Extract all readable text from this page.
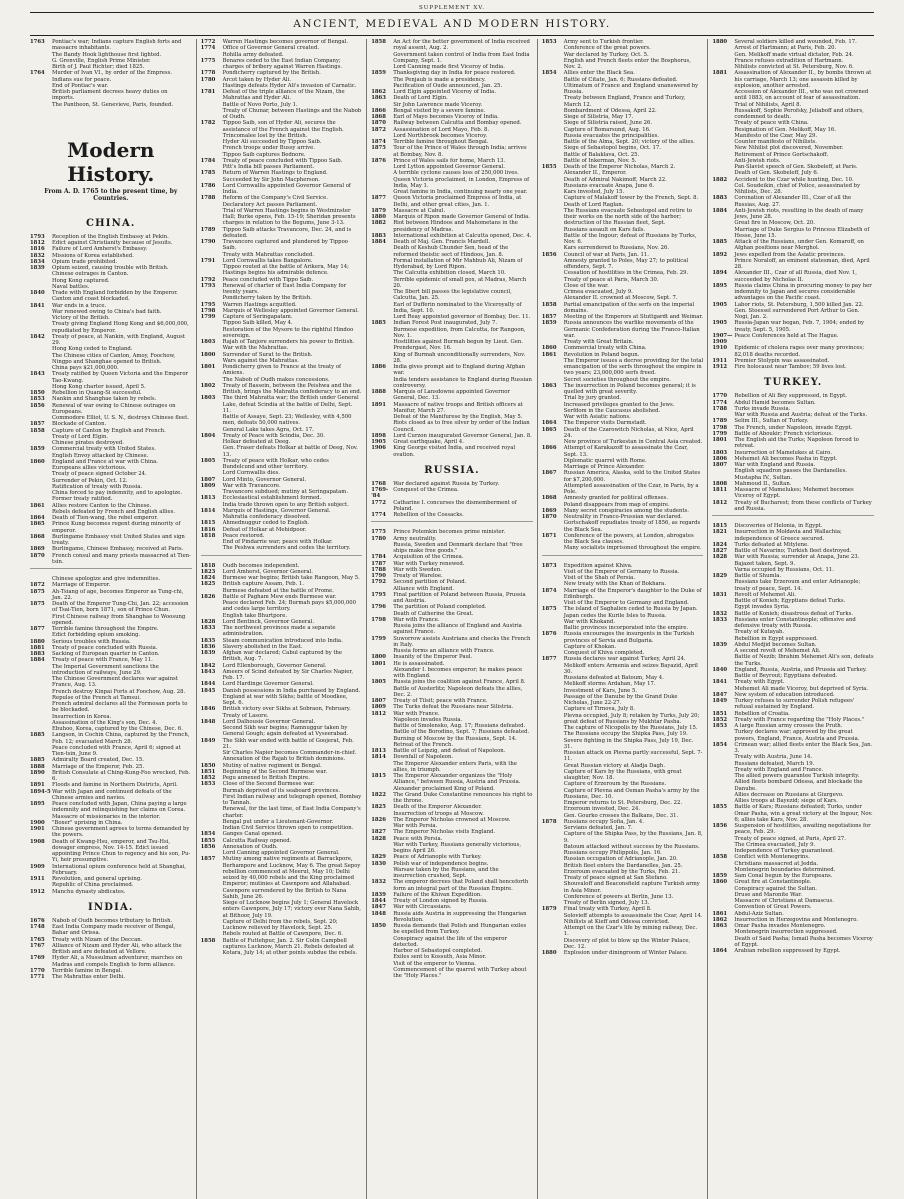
SUPPLEMENT XV.
ANCIENT, MEDIEVAL AND MODERN HISTORY.
1763	Pontiac's war; Indians capture English forts and massacre inhabitants.
The Bandy Hook lighthouse first lighted.
G. Grenville, English Prime Minister.
Birth of J. Paul Richter; died 1825.
1764	Murder of Ivan VI., by order of the Empress.
Indians sue for peace.
End of Pontiac's war.
British parliament decrees heavy duties on imports.
The Pantheon, St. Genevieve, Paris, founded.
Modern History.
From A. D. 1765 to the present time, by Countries.
CHINA.
1793	Reception of the English Embassy at Pekin.
1812	Edict against Christianity because of Jesuits.
1816	Failure of Lord Amherst's Embassy.
1832	Missions of Korea established.
1834	Opium trade prohibited.
1839	Opium seized, causing trouble with British.
Chinese outrages in Canton.
Hong Kong captured.
Naval battles.
1840	Trade with England forbidden by the Emperor.
Canton and coast blockaded.
1841	War ends in a truce.
War renewed owing to China's bad faith.
Victory of the British.
Treaty giving England Hong Kong and $6,000,000, repudiated by Emperor.
1842	Treaty of peace, at Nankin, with England, August 29.
Hong Kong ceded to England.
The Chinese cities of Canton, Amoy, Foochow, Ningpo and Shanghae opened to British.
China pays $21,000,000.
1843	Treaty ratified by Queen Victoria and the Emperor Tao-Kwang.
Hong Kong charter issued, April 5.
1850	Rebellion in Quang-Si successful.
1853	Nankin and Shanghae taken by rebels.
1856	Renewal of war owing to Chinese outrages on Europeans.
Commodore Elliot, U. S. N., destroys Chinese fleet.
1857	Blockade of Canton.
1858	Capture of Canton by English and French.
Treaty of Lord Elgin.
Chinese pirates destroyed.
1859	Commercial treaty with United States.
English Envoy attacked by Chinese.
1860	England and France at war with China.
Europeans allies victorious.
Treaty of peace signed October 24.
Surrender of Pekin, Oct. 12.
Ratification of treaty with Russia.
China forced to pay indemnity, and to apologize.
Former treaty ratified.
1861	Allies restore Canton to the Chinese.
Rebels defeated by French and English allies.
1864	Death of Tien-wang, the rebel emperor.
1865	Prince Kung becomes regent during minority of emperor.
1868	Burlingame Embassy visit United States and sign treaty.
1869	Burlingame, Chinese Embassy, received at Paris.
1870	French consul and many priests massacred at Tien-tsin.
Chinese apologize and give indemnities.
1872	Marriage of Emperor.
1875	Ah-Tsiang of age, becomes Emperor as Tung-chi, Jan. 22.
1875	Death of the Emperor Tung-Chi, Jan. 22; accession of Tsai-Tien, born 1871, son of Prince Chun.
First Chinese railway from Shanghae to Woosung opened.
1877	Terrible famine throughout the Empire.
Edict forbidding opium smoking.
1880	Serious troubles with Russia.
1881	Treaty of peace concluded with Russia.
1883	Sacking of European quarter in Canton.
1884	Treaty of peace with France, May 11.
The Imperial Government sanctions the introduction of railways, June 29.
The Chinese Government declares war against France, Aug. 13.
French destroy Kinpai Forts at Foochow, Aug. 28.
Repulse of the French at Tamsui.
French admiral declares all the Formosan ports to be blockaded.
Insurrection in Korea.
Assassination of the King's son, Dec. 4.
Ebuhoo, Korea, captured by the Chinese, Dec. 6.
1885	Langson, in Cochin China, captured by the French, Feb. 12; evacuated March 28.
Peace concluded with France, April 6; signed at Tien-tsin, June 9.
1885	Admiralty Board created, Dec. 15.
1888	Marriage of the Emperor, Feb. 25.
1890	British Consulate at Ching-Kung-Foo wrecked, Feb. 6.
1891	Floods and famine in Northern Districts, April.
1894-5 War with Japan and continued defeats of the Chinese armies and navies.
1895	Peace concluded with Japan, China paying a large indemnity and relinquishing her claims on Corea.
Massacre of missionaries in the interior.
1900	"Boxer" uprising in China.
1901	Chinese government agrees to terms demanded by the powers.
1908	Death of Kwang-Hsu, emperor, and Tsu-Hsi, dowager empress, Nov. 14-15. Edict issued appointing Prince Chun to regency and his son, Pu-Yi, heir presumptive.
1909	International opium conference held at Shanghai, February.
1911	Revolution, and general uprising.
Republic of China proclaimed.
1912	Manchu dynasty abdicates.
INDIA.
1676	Nabob of Oudh becomes tributary to British.
1748	East India Company made receiver of Bengal, Bahar and Orissa.
1765	Treaty with Nizam of the Deccan.
1767	Alliance of Nizam and Hyder Ali, who attack the British and are defeated at Vellore.
1769	Hyder Ali, a Mussulman adventurer, marches on Madras and compels English to form alliance.
1770	Terrible famine in Bengal.
1771	The Mahrattas enter Delhi.
1772	Warren Hastings becomes governor of Bengal.
1774	Office of Governor General created.
Rohilla army defeated.
1775	Benares ceded to the East Indian Company; charges of bribery against Warren Hastings.
1778	Pondicherry captured by the British.
1780	Arcot taken by Hyder Ali.
Hastings defeats Hyder Ali's invasion of Carnatic.
1781	Defeat of the triple alliance of the Nizam, the Mahrattas and Hyder Ali.
Battle of Novo Porto, July 1.
Treaty of Chunar, between Hastings and the Nabob of Oudh.
1782	Tippoo Saib, son of Hyder Ali, secures the assistance of the French against the English.
Trincomalee lost by the British.
Hyder Ali succeeded by Tippoo Saib.
French troops under Bussy arrive.
Tippoo Saib captures Bednore.
1784	Treaty of peace concluded with Tippoo Saib.
Pitt's India bill passes Parliament.
1785	Return of Warren Hastings to England.
Succeeded by Sir John Macpherson.
1786	Lord Cornwallis appointed Governor General of India.
1788	Reform of the Company's Civil Service.
Declaratory Act passes Parliament.
Trial of Warren Hastings begins in Westminster Hall; Burke opens, Feb. 15-19; Sheridan presents charges in relation to the Begums, June 3-13.
1789	Tippoo Saib attacks Travancore, Dec. 24, and is defeated.
1790	Travancore captured and plundered by Tippoo Saib.
Treaty with Mahrattas concluded.
1791	Lord Cornwallis takes Bangalore.
Tippoo routed at the battle of Arikera, May 14; Hastings begins his admirable defence.
1792	Peace concluded with Tippo Saib.
1793	Renewal of charter of East India Company for twenty years.
Pondicherry taken by the British.
1795	Warren Hastings acquitted.
1798	Marquis of Wellesley appointed Governor General.
1799	Capture of Seringapatam.
Tippoo Saib killed, May 4.
Restoration of the Mysore to the rightful Hindoo sovereign.
1803	Rajah of Tanjore surrenders his power to British.
War with the Mahrattas.
1800	Surrender of Surat to the British.
Wars against the Mahrattas.
1801	Pondicherry given to France at the treaty of Amiens.
The Nabob of Oudh makes concessions.
1802	Treaty of Bassein, between the Peishwa and the British, brings the Mahratta confederacy to an end.
1803	The third Mahratta war; the British under General Lake, defeat Scindia at the battle of Delhi, Sept. 11.
Battle of Assaye, Sept. 23; Wellesley, with 4,500 men, defeats 50,000 natives.
General Lake takes Agra, Oct. 17.
1804	Treaty of Peace with Scindia, Dec. 30.
Holkar defeated at Deeg.
Gen. Fraser defeats Holkar at battle of Deeg, Nov. 13.
1805	Treaty of peace with Holkar, who cedes Bundelcund and other territory.
Lord Cornwallis dies.
1807	Lord Minto, Governor General.
1809	War with Travancore.
Travancore subdued; mutiny at Seringapatam.
1813	Ecclesiastical establishment formed.
India trade thrown open to any British subject.
1814	Marquis of Hastings, Governor General.
Mahratta confederacy dissolved.
1815	Ahmednuggur ceded to English.
1816	Defeat of Holkar at Mehidpoor.
1818	Peace restored.
End of Pindarrie war; peace with Holkar.
The Peshwa surrenders and cedes the territory.
1818	Oudh becomes independent.
1823	Lord Amherst, Governor General.
1824	Burmese war begins; British take Rangoon, May 5.
1825	British capture Assam, Feb. 1.
Burmese defeated at the battle of Prome.
1826	Battle of Pagham Mew ends Burmese war.
Peace declared Feb. 24; Burmah pays $5,000,000 and cedes large territory.
English take Bhurtpore.
1828	Lord Bentinck, Governor General.
1833	The northwest provinces made a separate administration.
1835	Steam communication introduced into India.
1836	Slavery abolished in the East.
1839	Afghan war declared; Cabul captured by the British, Aug. 7.
1842	Lord Ellenborough, Governor General.
1843	Ameers of Scind defeated by Sir Charles Napier, Feb. 17.
1844	Lord Hardinge Governor General.
1845	Danish possessions in India purchased by England.
England at war with Sikhs; battle of Moodkee, Sept. 6.
1846	British victory over Sikhs at Sobraon, February.
Treaty of Lasore.
1848	Lord Dalhousie Governor General.
Second Sikh war begins; Ramnuggur taken by General Gough; again defeated at Vyseerabad.
1849	The Sikh war ended with battle of Goojerat, Feb. 21.
Sir Charles Napier becomes Commander-in-chief.
Annexation of the Rajah to British dominions.
1850	Mutiny of native regiment in Bengal.
1851	Beginning of the Second Burmese war.
1852	Pegu annexed to British Empire.
1853	Close of the Second Burmese war.
Burmah deprived of its seaboard provinces.
First Indian railway and telegraph opened, Bombay to Tannah.
Renewal, for the last time, of East India Company's charter.
Bengal put under a Lieutenant-Governor.
Indian Civil Service thrown open to competition.
1854	Ganges Canal opened.
1855	Calcutta Railway opened.
1856	Annexation of Oudh.
Lord Canning appointed Governor General.
1857	Mutiny among native regiments at Barrackpore, Berhampore and Lucknow, May 6. The great Sepoy rebellion commenced at Meerut, May 10; Delhi seized by 40,000 rebels and the King proclaimed Emperor; mutinies at Cawnpore and Allahabad.
Cawnpore surrendered by the British to Nana Sahib, June 26.
Siege of Lucknow begins July 1; General Havelock enters Cawnpore, July 17; victory over Nana Sahib, at Bithoor, July 19.
Capture of Delhi from the rebels, Sept. 20; Lucknow relieved by Havelock, Sept. 25.
Rebels routed at Battle of Cawnpore, Dec. 6.
1858	Battle of Futtehpur, Jan. 2. Sir Colin Campbell captures Lucknow, March 21. Rebels defeated at Kotara, July 14; at other points subdue the rebels.
1858	An Act for the better government of India received royal assent, Aug. 2.
Government taken control of India from East India Company, Sept. 1.
Lord Canning made first Viceroy of India.
1859	Thanksgiving day in India for peace restored.
The Penjaub is made a presidency.
Pacification of Oude announced, Jan. 25.
1862	Lord Elgin appointed Viceroy of India.
1863	Death of Lord Elgin.
Sir John Lawrence made Viceroy.
1866	Bengal visited by a severe famine.
1868	Earl of Mayo becomes Viceroy of India.
1870	Railway between Calcutta and Bombay opened.
1872	Assassination of Lord Mayo, Feb. 8.
Lord Northbrook becomes Viceroy.
1874	Terrible famine throughout Bengal.
1875	Tour of the Prince of Wales through India; arrives at Bombay, Nov. 8.
1876	Prince of Wales sails for home, March 13.
Lord Lytton appointed Governor General.
A terrible cyclone causes loss of 250,000 lives.
Queen Victoria proclaimed, in London, Empress of India, May 1.
Great famine in India, continuing nearly one year.
1877	Queen Victoria proclaimed Empress of India, at Delhi, and other great cities, Jan. 1.
1879	Massacre at Cabul.
1880	Marquis of Ripon made Governor General of India.
1882	Riot between Hindoos and Mahometans in the presidency of Madras.
1883	International exhibition at Calcutta opened, Dec. 4.
1884	Death of Maj. Gen. Francis Mardell.
Death of Keshub Chunder Sen, head of the reformed theistic sect of Hindoos, Jan. 8.
Formal installation of Mir Mahbub Ali, Nizam of Hyderabad, by Lord Ripon.
The Calcutta exhibition closed, March 10.
Terrible epidemic of small pox, at Madras, March 20.
The Ilbert bill passes the legislative council, Calcutta, Jan. 25.
Earl of Dufferin nominated to the Viceroyalty of India, Sept. 10.
Lord Reay appointed governor of Bombay, Dec. 11.
1885	Indian Forest Post inaugurated, July 7.
Burmese expedition, from Calcutta, for Rangoon, Nov. 1.
Hostilities against Burmah begun by Lieut. Gen. Prendergast, Nov. 16.
King of Burmah unconditionally surrenders, Nov. 28.
1886	India gives prompt aid to England during Afghan war.
India tenders assistance to England during Russian controversy.
1888	Marquis of Lansdowne appointed Governor General, Dec. 13.
1891	Massacre of native troops and British officers at Manifur, March 27.
Defeat of the Manifurese by the English, May 5.
Riots closed as to free silver by order of the Indian Council.
1898	Lord Curzon inaugurated Governor General, Jan. 8.
1905	Great earthquake, April 4.
1906	King George visited India, and received royal ovation.
RUSSIA.
1768	War declared against Russia by Turkey.
1769-'84
Conquest of the Crimea.
1772	Catharine I. concurses the dismemberment of Poland.
1774	Rebellion of the Cossacks.
1775	Prince Potemkin becomes prime minister.
1780	Army neutrality.
Russia, Sweden and Denmark declare that "free ships make free goods."
1784	Acquisition of the Crimea.
1787	War with Turkey renewed.
1788	War with Sweden.
1790	Treaty of Wareloe.
1792	Second partition of Poland.
Alliance with England.
1795	Final partition of Poland between Russia, Prussia and Austria.
1796	The partition of Poland completed.
Death of Catherine the Great.
1798	War with France.
Russia joins the alliance of England and Austria against France.
1799	Suworrow assists Austrians and checks the French in Italy.
Russia forms an alliance with France.
1800	Insanity of the Emperor Paul.
1801	He is assassinated.
Alexander I. becomes emperor; he makes peace with England.
1805	Russia joins the coalition against France, April 8.
Battle of Austerlitz; Napoleon defeats the allies, Dec. 2.
1807	Treaty of Tilsit; peace with France.
1809	The Turks defeat the Russians near Silistria.
1812	War with France.
Napoleon invades Russia.
Battle of Smolensko, Aug. 17; Russians defeated.
Battle of the Borodino, Sept. 7; Russians defeated.
Burning of Moscow by the Russians, Sept. 14.
Retreat of the French.
1813	Battle of Leipzig, and defeat of Napoleon.
1814	Downfall of Napoleon.
The Emperor Alexander enters Paris, with the allies, in triumph.
1815	The Emperor Alexander organizes the "Holy Alliance," between Russia, Austria and Prussia.
Alexander proclaimed King of Poland.
1822	The Grand Duke Constantine renounces his right to the throne.
1825	Death of the Emperor Alexander.
Insurrection of troops at Moscow.
1826	The Emperor Nicholas crowned at Moscow.
War with Persia.
1827	The Emperor Nicholas visits England.
1828	Peace with Persia.
War with Turkey, Russians generally victorious, begins April 26.
1829	Peace of Adrianople with Turkey.
1830	Polish war of independence begins.
Warsaw taken by the Russians, and the insurrection crushed, Sept.
1832	The emperor decrees that Poland shall henceforth form an integral part of the Russian Empire.
1839	Failure of the Khivan Expedition.
1844	Treaty of London signed by Russia.
1847	War with Circassians.
1848	Russia aids Austria in suppressing the Hungarian Revolution.
1850	Russia demands that Polish and Hungarian exiles be expelled from Turkey.
Conspiracy against the life of the emperor detected.
Harbor of Sebastopol completed.
Exiles sent to Kossuth, Asia Minor.
Visit of the emperor to Vienna.
Commencement of the quarrel with Turkey about the "Holy Places."
1853	Army sent to Turkish frontier.
Conference of the great powers.
War declared by Turkey, Oct. 5.
English and French fleets enter the Bosphorus, Nov. 2.
1854	Allies enter the Black Sea.
Battle of Citate, Jan. 6; Russians defeated.
Ultimatum of France and England unanswered by Russia.
Treaty between England, France and Turkey, March 12.
Bombardment of Odessa, April 22.
Siege of Silistria, May 17.
Siege of Silistria raised, June 26.
Capture of Bomarsund, Aug. 16.
Russia evacuates the principalities.
Battle of the Alma, Sept. 20; victory of the allies.
Siege of Sebastopol begins, Oct. 17.
Battle of Balaklava, Oct. 25.
Battle of Inkerman, Nov. 5.
1855	Death of the Emperor Nicholas, March 2. Alexander II., Emperor.
Death of Admiral Nakimoff, March 22.
Russians evacuate Anapa, June 6.
Kars invested, July 15.
Capture of Malakoff tower by the French, Sept. 8.
Death of Lord Raglan.
The Russians evacuate Sebastopol and retire to their works on the north side of the harbor; destruction of the Russian fleet, Sept.
Russians assault on Kars fails.
Battle of the Ingour; defeat of Russians by Turks, Nov. 6.
Kars surrendered to Russians, Nov. 26.
1856	Council of war at Paris, Jan. 11.
Amnesty granted to Poles, May 27; to political offenders, Sept. 7.
Cessation of hostilities in the Crimea, Feb. 29.
Treaty of peace at Paris, March 30.
Close of the war.
Crimea evacuated, July 9.
Alexander II. crowned at Moscow, Sept. 7.
1858	Partial emancipation of the serfs on the imperial domains.
1857	Meeting of the Emperors at Stuttgardt and Weimar.
1859	Russia announces the warlike movements of the Germanic Confederation during the Franco-Italian war.
Treaty with Great Britain.
1860	Commercial treaty with China.
1861	Revolution in Poland begun.
The Emperor issues a decree providing for the total emancipation of the serfs throughout the empire in two years; 23,000,000 serfs freed.
Secret societies throughout the empire.
1863	The insurrection in Poland becomes general; it is quelled with great severity.
Trial by jury granted.
Increased privileges granted to the Jews.
Serfdom in the Caucasus abolished.
War with Asiatic nations.
1864	The Emperor visits Darmstadt.
1865	Death of the Czarowitch Nicholas, at Nice, April 24.
New province of Turkestan in Central Asia created.
1866	Attempt of Karakazoff to assassinate the Czar, Sept. 13.
Diplomatic quarrel with Rome.
Marriage of Prince Alexander.
1867	Russian America, Alaska, sold to the United States for $7,200,000.
Attempted assassination of the Czar, in Paris, by a Pole.
1868	Amnesty granted for political offenses.
Poland disappears from map of empire.
1869	Many secret conspiracies among the students.
1870	Neutrality in Franco-Prussian war declared.
Gortschakoff repudiates treaty of 1856, as regards the Black Sea.
1871	Conference of the powers, at London, abrogates the Black Sea clauses.
Many socialists imprisoned throughout the empire.
1873	Expedition against Khiva.
Visit of the Emperor of Germany to Russia.
Visit of the Shah of Persia.
New treaty with the Khan of Bokhara.
1874	Marriage of the Emperor's daughter to the Duke of Edinburgh.
Visit of the Emperor to Germany and England.
1875	The island of Saghalien ceded to Russia by Japan.
Japan cedes the Kurile Isles to Russia.
War with Khokand.
Baltic provinces incorporated into the empire.
1876	Russia encourages the insurgents in the Turkish provinces of Servia and Bulgaria.
Capture of Khokan.
Conquest of Khiva completed.
1877	Russia declares war against Turkey, April 24.
Melikoff enters Armenia and seizes Bayazid, April 30.
Russians defeated at Batoum, May 4.
Melikoff storms Ardahan, May 17.
Investment of Kars, June 5.
Passage of the Danube by the Grand Duke Nicholas, June 22-27.
Capture of Tirnova, July 8.
Plevna occupied, July 8; retaken by Turks, July 20; great defeat of Russians by Mukhtar Pasha.
The capture of Nicopolis by the Russians, July 15.
The Russians occupy the Shipka Pass, July 19.
Severe fighting in the Shipka Pass, July 19, Dec. 31.
Russian attack on Plevna partly successful, Sept. 7-11.
Great Russian victory at Aladja Dagh.
Capture of Kars by the Russians, with great slaughter, Nov. 18.
Capture of Erzeroum by the Russians.
Capture of Plevna and Osman Pasha's army by the Russians, Dec. 10.
Emperor returns to St. Petersburg, Dec. 22.
Erzeroum invested, Dec. 24.
Gen. Gourko crosses the Balkans, Dec. 31.
1878	Russians occupy Sofia, Jan. 4.
Servians defeated, Jan. 7.
Capture of the Shipka Pass, by the Russians, Jan. 8, 9.
Batoum attacked without success by the Russians.
Russians occupy Philippolis, Jan. 16.
Russian occupation of Adrianople, Jan. 20.
British fleet enters the Dardanelles, Jan. 25.
Erzeroum evacuated by the Turks, Feb. 21.
Treaty of peace signed at San Stefano.
Shouvaloff and Beaconsfield capture Turkish army in Asia Minor.
Conference of powers at Berlin, June 13.
Treaty of Berlin signed, July 13.
1879	Final treaty with Turkey, April 8.
Solovieff attempts to assassinate the Czar, April 14.
Nihilists at Kieff and Odessa convicted.
Attempt on the Czar's life by mining railway, Dec. 1.
Discovery of plot to blow up the Winter Palace, Dec. 12.
1880	Explosion under diningroom of Winter Palace.
1880	Several soldiers killed and wounded, Feb. 17.
Arrest of Hartmann; at Paris, Feb. 20.
Gen. Melikoff made virtual dictator, Feb. 24.
France refuses extradition of Hartmann.
Nihilists convicted at St. Petersburg, Nov. 6.
1881	Assassination of Alexander II., by bombs thrown at his carriage, March 13; one assassin killed by explosion, another arrested.
Accession of Alexander III., who was not crowned until 1883, on account of fear of assassination.
Trial of Nihilists, April 8.
Russakoff, Sophie Perofsky, Jeliaboff and others, condemned to death.
Treaty of peace with China.
Resignation of Gen. Melikoff, May 16.
Manifesto of the Czar, May 29.
Counter manifesto of Nihilists.
New Nihilist plot discovered, November.
Retirement of Prince Gortschakoff.
Anti-Jewish riots.
Pan-Slavist speech of Gen. Skobeleff, at Paris.
Death of Gen. Skobeleff, July 6.
1882	Accident to the Czar while hunting, Dec. 10.
Col. Soudeikin, chief of Police, assassinated by Nihilists, Dec. 28.
1883	Coronation of Alexander III., Czar of all the Russias, Aug. 27.
1884	Anti-Jewish riots, resulting in the death of many Jews, June 28.
Great fire in Moscow, Oct. 20.
Marriage of Duke Sergius to Princess Elizabeth of Hesse, June 15.
1885	Attack of the Russians, under Gen. Komaroff, on Afghan positions near Merghol.
1892	Jews expelled from the Asiatic provinces.
Prince Noraloff, an eminent statesman, died, April 28.
1894	Alexander III., Czar of all Russia, died Nov. 1, succeeded by Nicholas II.
1895	Russia claims China in procuring money to pay her indemnity to Japan and secures considerable advantages on the Pacific coast.
1905	Labor riots, St. Petersburg, 1,500 killed Jan. 22.
Gen. Stoessel surrendered Port Arthur to Gen. Nogi, Jan. 2.
1905	Russia-Japan war began, Feb. 7, 1904; ended by treaty, Sept. 5, 1905.
1907—1909
Peace Conferences held at The Hague.
1910	Epidemic of cholera rages over many provinces; 82,018 deaths recorded.
1911	Premier Stolypin was assassinated.
1912	Fire holocaust near Tambov; 59 lives lost.
TURKEY.
1770	Rebellion of Ali Bey suppressed, in Egypt.
1774	Abdul Hamid becomes Sultan.
1788	Turks invade Russia.
War with Russia and Austria; defeat of the Turks.
1789	Selim III., Sultan of Turkey.
1798	The French, under Napoleon, invade Egypt.
1799	Battle of Aboukir; French victorious.
1801	The English aid the Turks; Napoleon forced to retreat.
1803	Insurrection of Mamelukes at Cairo.
1806	Mehemet Ali becomes Pasha in Egypt.
1807	War with England and Russia.
English squadron passes the Dardanelles.
Mustapha IV., Sultan.
1808	Mahmoud II., Sultan.
1811	Massacre of Mamelukes; Mehemet becomes Viceroy of Egypt.
1812	Treaty of Bucharest; from these conflicts of Turkey and Russia.
1815	Discoveries of Helonia, in Egypt.
1821	Insurrection in Moldavia and Wallachia; independence of Greece secured.
1824	Turks defeated at Mitylene.
1827	Battle of Navarino; Turkish fleet destroyed.
1828	War with Russia; surrender at Anapa, June 23.
Bajazet taken, Sept. 9.
Varna occupied by Russians, Oct. 11.
1829	Battle of Shumla.
Russians take Erzeroum and enter Adrianople; treaty of peace, Sept. 14.
1831	Revolt of Mehemet Ali.
Battle of Konieh; Egyptians defeat Turks.
Egypt invades Syria.
1832	Battle of Konieh; disastrous defeat of Turks.
1833	Russians enter Constantinople; offensive and defensive treaty with Russia.
Treaty of Kutayah.
Rebellion in Egypt suppressed.
1839	Abdul Medjid becomes Sultan.
A second revolt of Mehemet Ali.
Battle of Nezib; Ibrahim Mehemet Ali's son, defeats the Turks.
1840	England, Russia, Austria, and Prussia aid Turkey.
Battle of Beyrout; Egyptians defeated.
1841	Treaty with Egypt.
Mehemet Ali made Viceroy, but deprived of Syria.
1847	New system of education introduced.
1849	Turkey refuses to surrender Polish refugees' refusal sustained by England.
1851	Rebellion of Croatia.
1852	Treaty with France regarding the "Holy Places."
1853	A large Russian army crosses the Pruth.
Turkey declares war; approved by the great powers, England, France, Austria and Prussia.
1854	Crimean war; allied fleets enter the Black Sea, Jan. 3.
Treaty with Austria, June 14.
Russians defeated, March 19.
Treaty with England and France.
The allied powers guarantee Turkish integrity.
Allied fleets bombard Odessa, and blockade the Danube.
Allies decrease on Russians at Giurgevo.
Allies troops at Bayezid; siege of Kars.
1855	Battle of Kars; Russians defeated; Turks, under Omar Pasha, win a great victory at the Ingour, Nov. 6; allies take Kars, Nov. 28.
1856	Suspension of hostilities, awaiting negotiations for peace, Feb. 29.
Treaty of peace signed, at Paris, April 27.
The Crimea evacuated, July 9.
Independence of Turkey guaranteed.
1858	Conflict with Montenegrins.
Christians massacred at Jedda.
Montenegrin boundaries determined.
1859	Sam Conal begun by the Europeans.
1860	Great fire at Constantinople.
Conspiracy against the Sultan.
Druse and Maronite War.
Massacre of Christians at Damascus.
Convention of Great Powers.
1861	Abdul-Aziz Sultan.
1862	Insurrection in Herzegovina and Montenegro.
1863	Omar Pasha invades Montenegro.
Montenegrin insurrection suppressed.
Death of Said Pasha; Ismail Pasha becomes Viceroy of Egypt.
1864	Arabian rebellion suppressed by Egypt.
